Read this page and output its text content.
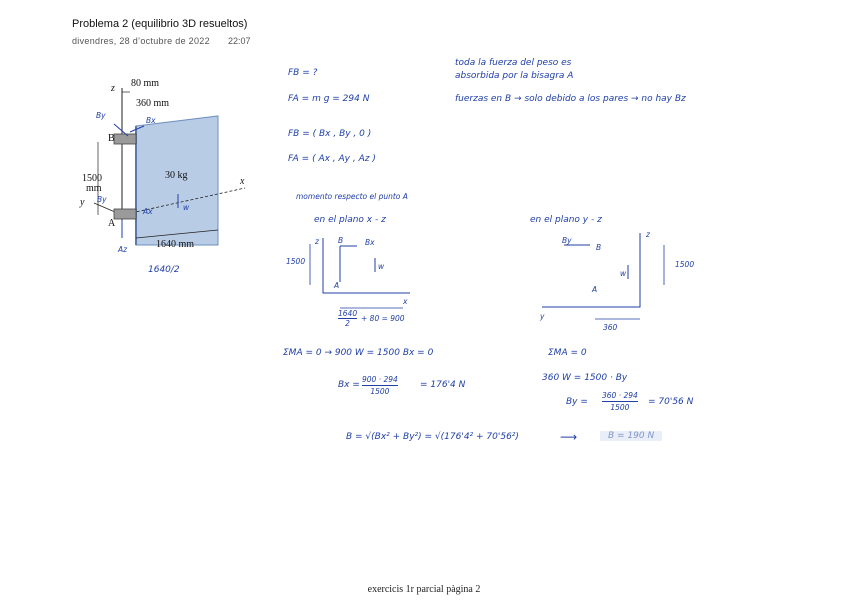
Problema 2 (equilibrio 3D resueltos)
divendres, 28 d’octubre de 2022 22:07
80 mm
360 mm
z
1500
mm
30 kg
x
y
B
A
1640 mm
By
Bx
By
Ax
Az
w
1640/2
FB = ?
FA = m g = 294 N
FB = ( Bx , By , 0 )
FA = ( Ax , Ay , Az )
toda la fuerza del peso es
absorbida por la bisagra A
fuerzas en B → solo debido a los pares → no hay Bz
momento respecto el punto A
en el plano x - z	en el plano y - z
z	B	Bx
w
A
x
1500
$\frac{1640}{2} + 80 = 900$
By
B
z
w
A
1500
y
360
ΣMA = 0 → 900 W = 1500 Bx = 0
$Bx = \frac{900 \cdot 294}{1500} = 176'4$ N
ΣMA = 0
360 W = 1500 · By
$By = \frac{360 \cdot 294}{1500} = 70'56$ N
B = √(Bx² + By²) = √(176'4² + 70'56²)	⟶	B = 190 N
exercicis 1r parcial pàgina 2
